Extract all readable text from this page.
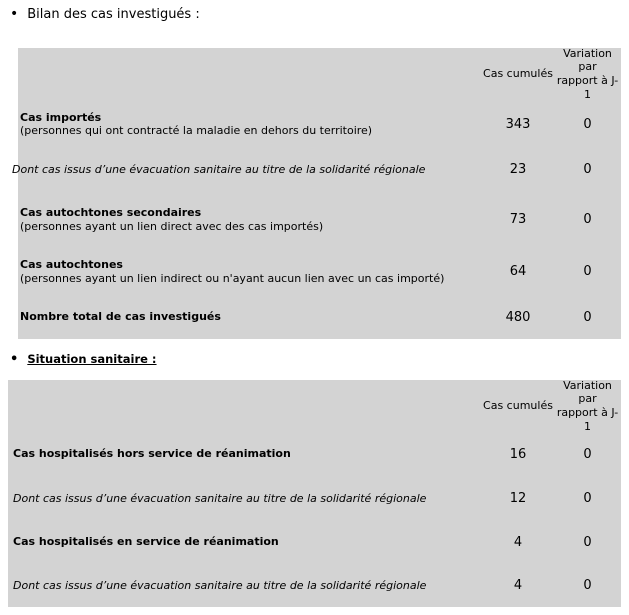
• Bilan des cas investigués :
Cas cumulés
Variation par
rapport à J-1
Cas importés
(personnes qui ont contracté la maladie en dehors du territoire)	343	0
Dont cas issus d’une évacuation sanitaire au titre de la solidarité régionale	23	0
Cas autochtones secondaires
(personnes ayant un lien direct avec des cas importés)	73	0
Cas autochtones
(personnes ayant un lien indirect ou n'ayant aucun lien avec un cas importé)	64	0
Nombre total de cas investigués	480	0
• Situation sanitaire :
Cas cumulés
Variation par
rapport à J-1
Cas hospitalisés hors service de réanimation	16	0
Dont cas issus d’une évacuation sanitaire au titre de la solidarité régionale	12	0
Cas hospitalisés en service de réanimation	4	0
Dont cas issus d’une évacuation sanitaire au titre de la solidarité régionale	4	0
